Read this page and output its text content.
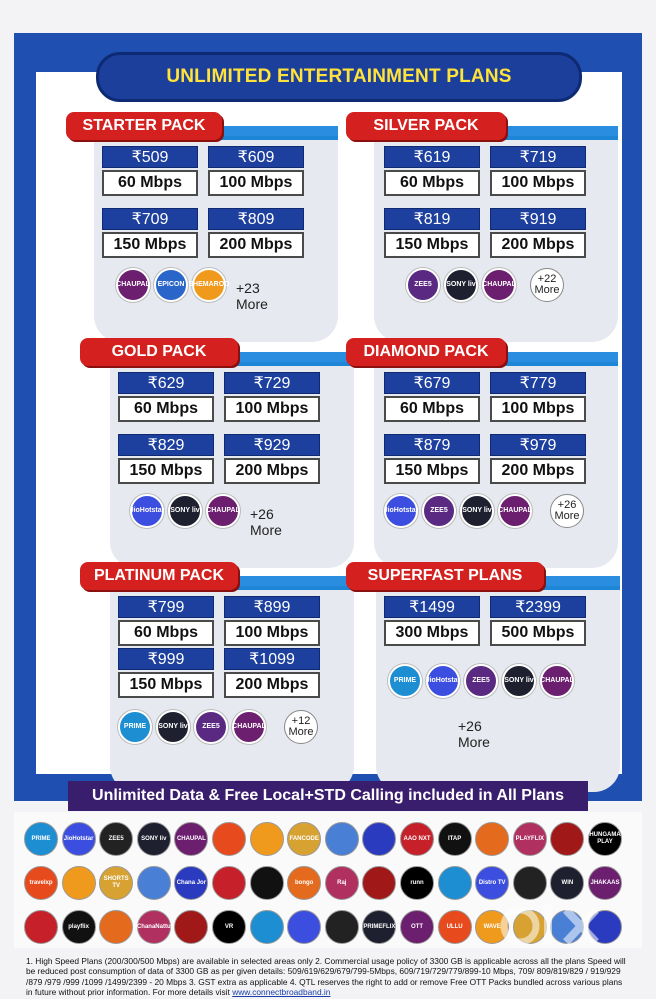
UNLIMITED ENTERTAINMENT PLANS
STARTER PACK
₹509
60 Mbps
₹609
100 Mbps
₹709
150 Mbps
₹809
200 Mbps
CHAUPAL	EPICON SHEMAROO +23 More
SILVER PACK
₹619
60 Mbps
₹719
100 Mbps
₹819
150 Mbps
₹919
200 Mbps
ZEE5	SONY liv CHAUPAL	+22 More
GOLD PACK
₹629
60 Mbps
₹729
100 Mbps
₹829
150 Mbps
₹929
200 Mbps
JioHotstar SONY liv CHAUPAL +26 More
DIAMOND PACK
₹679
60 Mbps
₹779
100 Mbps
₹879
150 Mbps
₹979
200 Mbps
JioHotstar	ZEE5	SONY liv CHAUPAL	+26 More
PLATINUM PACK
₹799
60 Mbps
₹899
100 Mbps
₹999
150 Mbps
₹1099
200 Mbps
PRIME	SONY liv	ZEE5	CHAUPAL	+12 More
SUPERFAST PLANS
₹1499
300 Mbps
₹2399
500 Mbps
PRIME	JioHotstar	ZEE5	SONY liv CHAUPAL
+26 More
Unlimited Data & Free Local+STD Calling included in All Plans
PRIME	JioHotstar	ZEE5	SONY liv	CHAUPAL	FANCODE	AAO NXT	ITAP	PLAYFLIX
HUNGAMA PLAY
travelxp
SHORTS TV
Chana Jor	bongo	Raj	runn	Distro TV	WIN	JHAKAAS
playflix	ChanaNattu	VR	PRIMEFLIX	OTT	ULLU	WAVE
1. High Speed Plans (200/300/500 Mbps) are available in selected areas only 2. Commercial usage policy of 3300 GB is applicable across all the plans Speed will be reduced post consumption of data of 3300 GB as per given details: 509/619/629/679/799-5Mbps, 609/719/729/779/899-10 Mbps, 709/ 809/819/829 / 919/929 /879 /979 /999 /1099 /1499/2399 - 20 Mbps 3. GST extra as applicable 4. QTL reserves the right to add or remove Free OTT Packs bundled across various plans in future without prior information. For more details visit www.connectbroadband.in
